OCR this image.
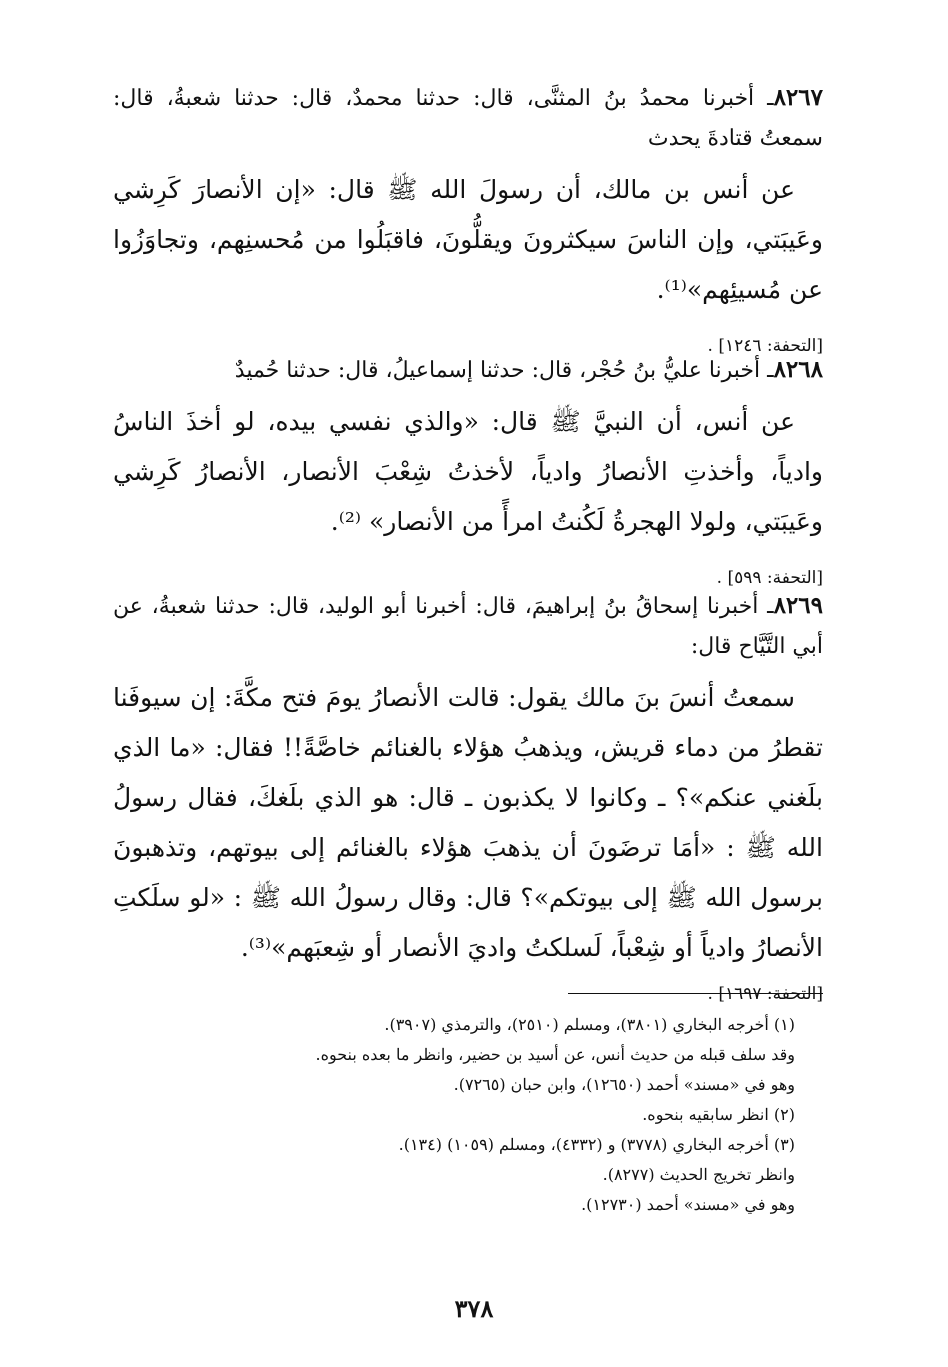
٨٢٦٧ـ أخبرنا محمدُ بنُ المثنَّى، قال: حدثنا محمدٌ، قال: حدثنا شعبةُ، قال: سمعتُ قتادةَ يحدث

عن أنس بن مالك، أن رسولَ الله ﷺ قال: «إن الأنصارَ كَرِشي وعَيبَتي، وإن الناسَ سيكثرونَ ويقلُّونَ، فاقبَلُوا من مُحسنِهم، وتجاوَزُوا عن مُسيئِهم»⁽¹⁾.

[التحفة: ١٢٤٦] .

٨٢٦٨ـ أخبرنا عليُّ بنُ حُجْر، قال: حدثنا إسماعيلُ، قال: حدثنا حُميدٌ

عن أنس، أن النبيَّ ﷺ قال: «والذي نفسي بيده، لو أخذَ الناسُ وادياً، وأخذتِ الأنصارُ وادياً، لأخذتُ شِعْبَ الأنصار، الأنصارُ كَرِشي وعَيبَتي، ولولا الهجرةُ لَكُنتُ امرأً من الأنصار» ⁽²⁾.

[التحفة: ٥٩٩] .

٨٢٦٩ـ أخبرنا إسحاقُ بنُ إبراهيمَ، قال: أخبرنا أبو الوليد، قال: حدثنا شعبةُ، عن أبي التَّيَّاح قال:

سمعتُ أنسَ بنَ مالك يقول: قالت الأنصارُ يومَ فتح مكَّةَ: إن سيوفَنا تقطرُ من دماء قريش، ويذهبُ هؤلاء بالغنائم خاصَّةً!! فقال: «ما الذي بلَغني عنكم»؟ ـ وكانوا لا يكذبون ـ قال: هو الذي بلَغكَ، فقال رسولُ الله ﷺ : «أمَا ترضَونَ أن يذهبَ هؤلاء بالغنائم إلى بيوتهم، وتذهبونَ برسول الله ﷺ إلى بيوتكم»؟ قال: وقال رسولُ الله ﷺ : «لو سلَكتِ الأنصارُ وادياً أو شِعْباً، لَسلكتُ واديَ الأنصار أو شِعبَهم»⁽³⁾.

[التحفة: ١٦٩٧] .

(١) أخرجه البخاري (٣٨٠١)، ومسلم (٢٥١٠)، والترمذي (٣٩٠٧).

وقد سلف قبله من حديث أنس، عن أسيد بن حضير، وانظر ما بعده بنحوه.

وهو في «مسند» أحمد (١٢٦٥٠)، وابن حبان (٧٢٦٥).

(٢) انظر سابقيه بنحوه.

(٣) أخرجه البخاري (٣٧٧٨) و (٤٣٣٢)، ومسلم (١٠٥٩) (١٣٤).

وانظر تخريج الحديث (٨٢٧٧).

وهو في «مسند» أحمد (١٢٧٣٠).

٣٧٨
